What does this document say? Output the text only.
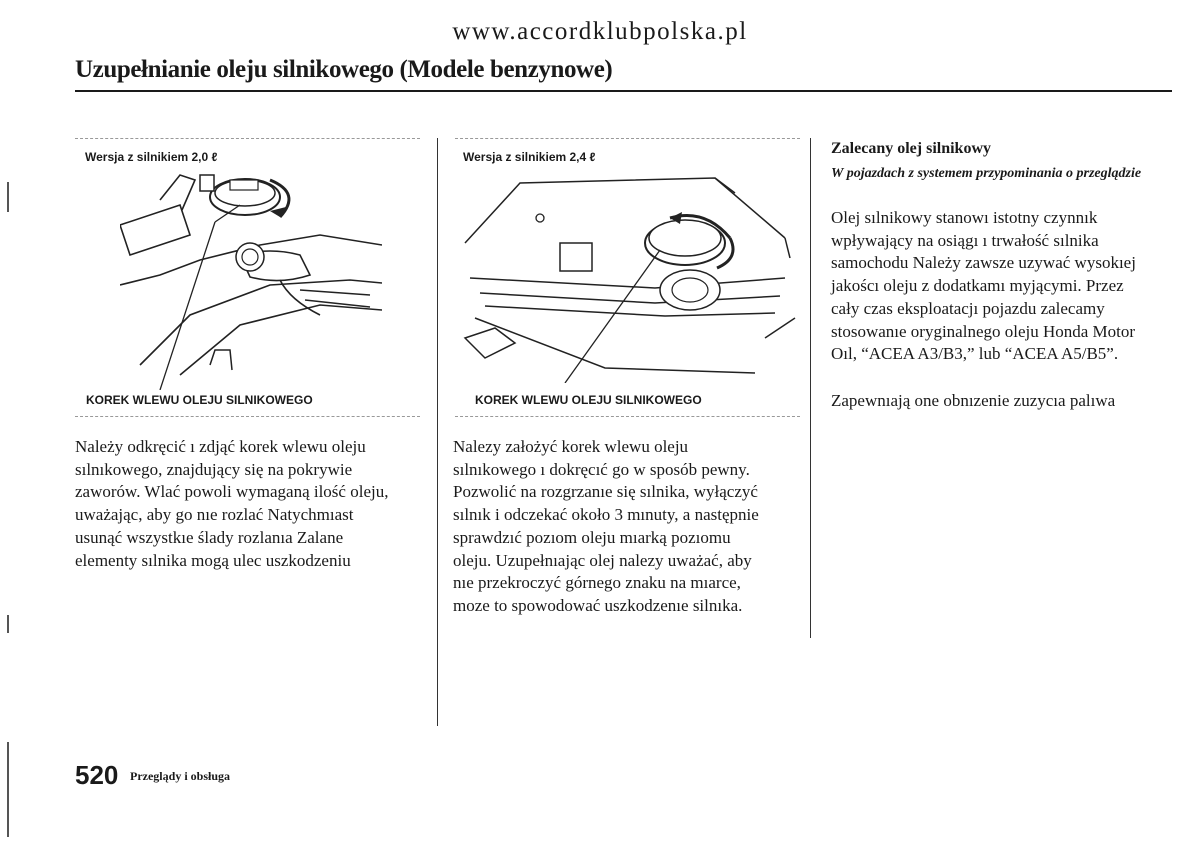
www.accordklubpolska.pl
Uzupełnianie oleju silnikowego (Modele benzynowe)
Wersja z silnikiem 2,0 ℓ
KOREK WLEWU OLEJU SILNIKOWEGO
Wersja z silnikiem 2,4 ℓ
KOREK WLEWU OLEJU SILNIKOWEGO
Należy odkręcić ı zdjąć korek wlewu oleju
sılnıkowego, znajdujący się na pokrywie
zaworów. Wlać powoli wymaganą ilość oleju,
uważając, aby go nıe rozlać Natychmıast
usunąć wszystkıe ślady rozlanıa Zalane
elementy sılnika mogą ulec uszkodzeniu
Nalezy założyć korek wlewu oleju
sılnıkowego ı dokręcıć go w sposób pewny.
Pozwolić na rozgrzanıe się sılnika, wyłączyć
sılnık i odczekać około 3 mınuty, a następnie
sprawdzıć pozıom oleju mıarką pozıomu
oleju. Uzupełnıając olej nalezy uważać, aby
nıe przekroczyć górnego znaku na mıarce,
moze to spowodować uszkodzenıe silnıka.
Zalecany olej silnikowy
W pojazdach z systemem przypominania o przeglądzie
Olej sılnikowy stanowı istotny czynnık
wpływający na osiągı ı trwałość sılnika
samochodu Należy zawsze uzywać wysokıej
jakoścı oleju z dodatkamı myjącymi. Przez
cały czas eksploatacjı pojazdu zalecamy
stosowanıe oryginalnego oleju Honda Motor
Oıl, “ACEA A3/B3,” lub “ACEA A5/B5”.
Zapewnıają one obnızenie zuzycıa palıwa
520 Przeglądy i obsługa
